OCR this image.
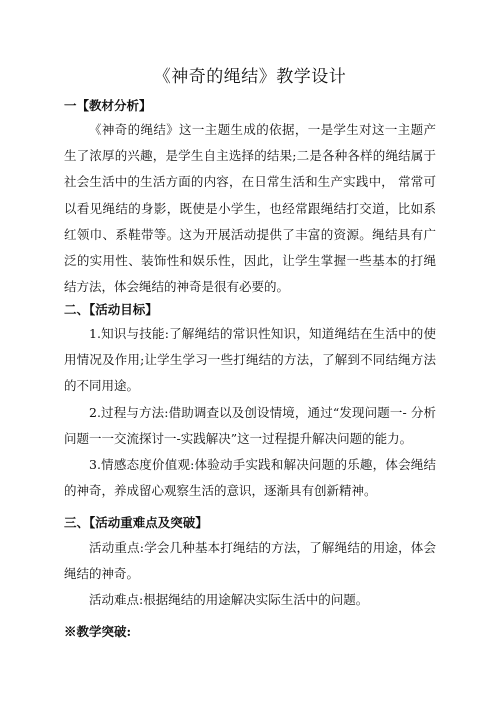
《神奇的绳结》教学设计
一【教材分析】

《神奇的绳结》这一主题生成的依据，一是学生对这一主题产生了浓厚的兴趣，是学生自主选择的结果;二是各种各样的绳结属于社会生活中的生活方面的内容，在日常生活和生产实践中， 常常可以看见绳结的身影，既使是小学生，也经常跟绳结打交道，比如系红领巾、系鞋带等。这为开展活动提供了丰富的资源。绳结具有广泛的实用性、装饰性和娱乐性，因此，让学生掌握一些基本的打绳结方法，体会绳结的神奇是很有必要的。

二、【活动目标】

1.知识与技能:了解绳结的常识性知识，知道绳结在生活中的使用情况及作用;让学生学习一些打绳结的方法，了解到不同结绳方法的不同用途。

2.过程与方法:借助调查以及创设情境，通过“发现问题一- 分析问题一一交流探讨一-实践解决”这一过程提升解决问题的能力。

3.情感态度价值观:体验动手实践和解决问题的乐趣，体会绳结的神奇，养成留心观察生活的意识，逐渐具有创新精神。

三、【活动重难点及突破】

活动重点:学会几种基本打绳结的方法，了解绳结的用途，体会绳结的神奇。

活动难点:根据绳结的用途解决实际生活中的问题。

※教学突破:
